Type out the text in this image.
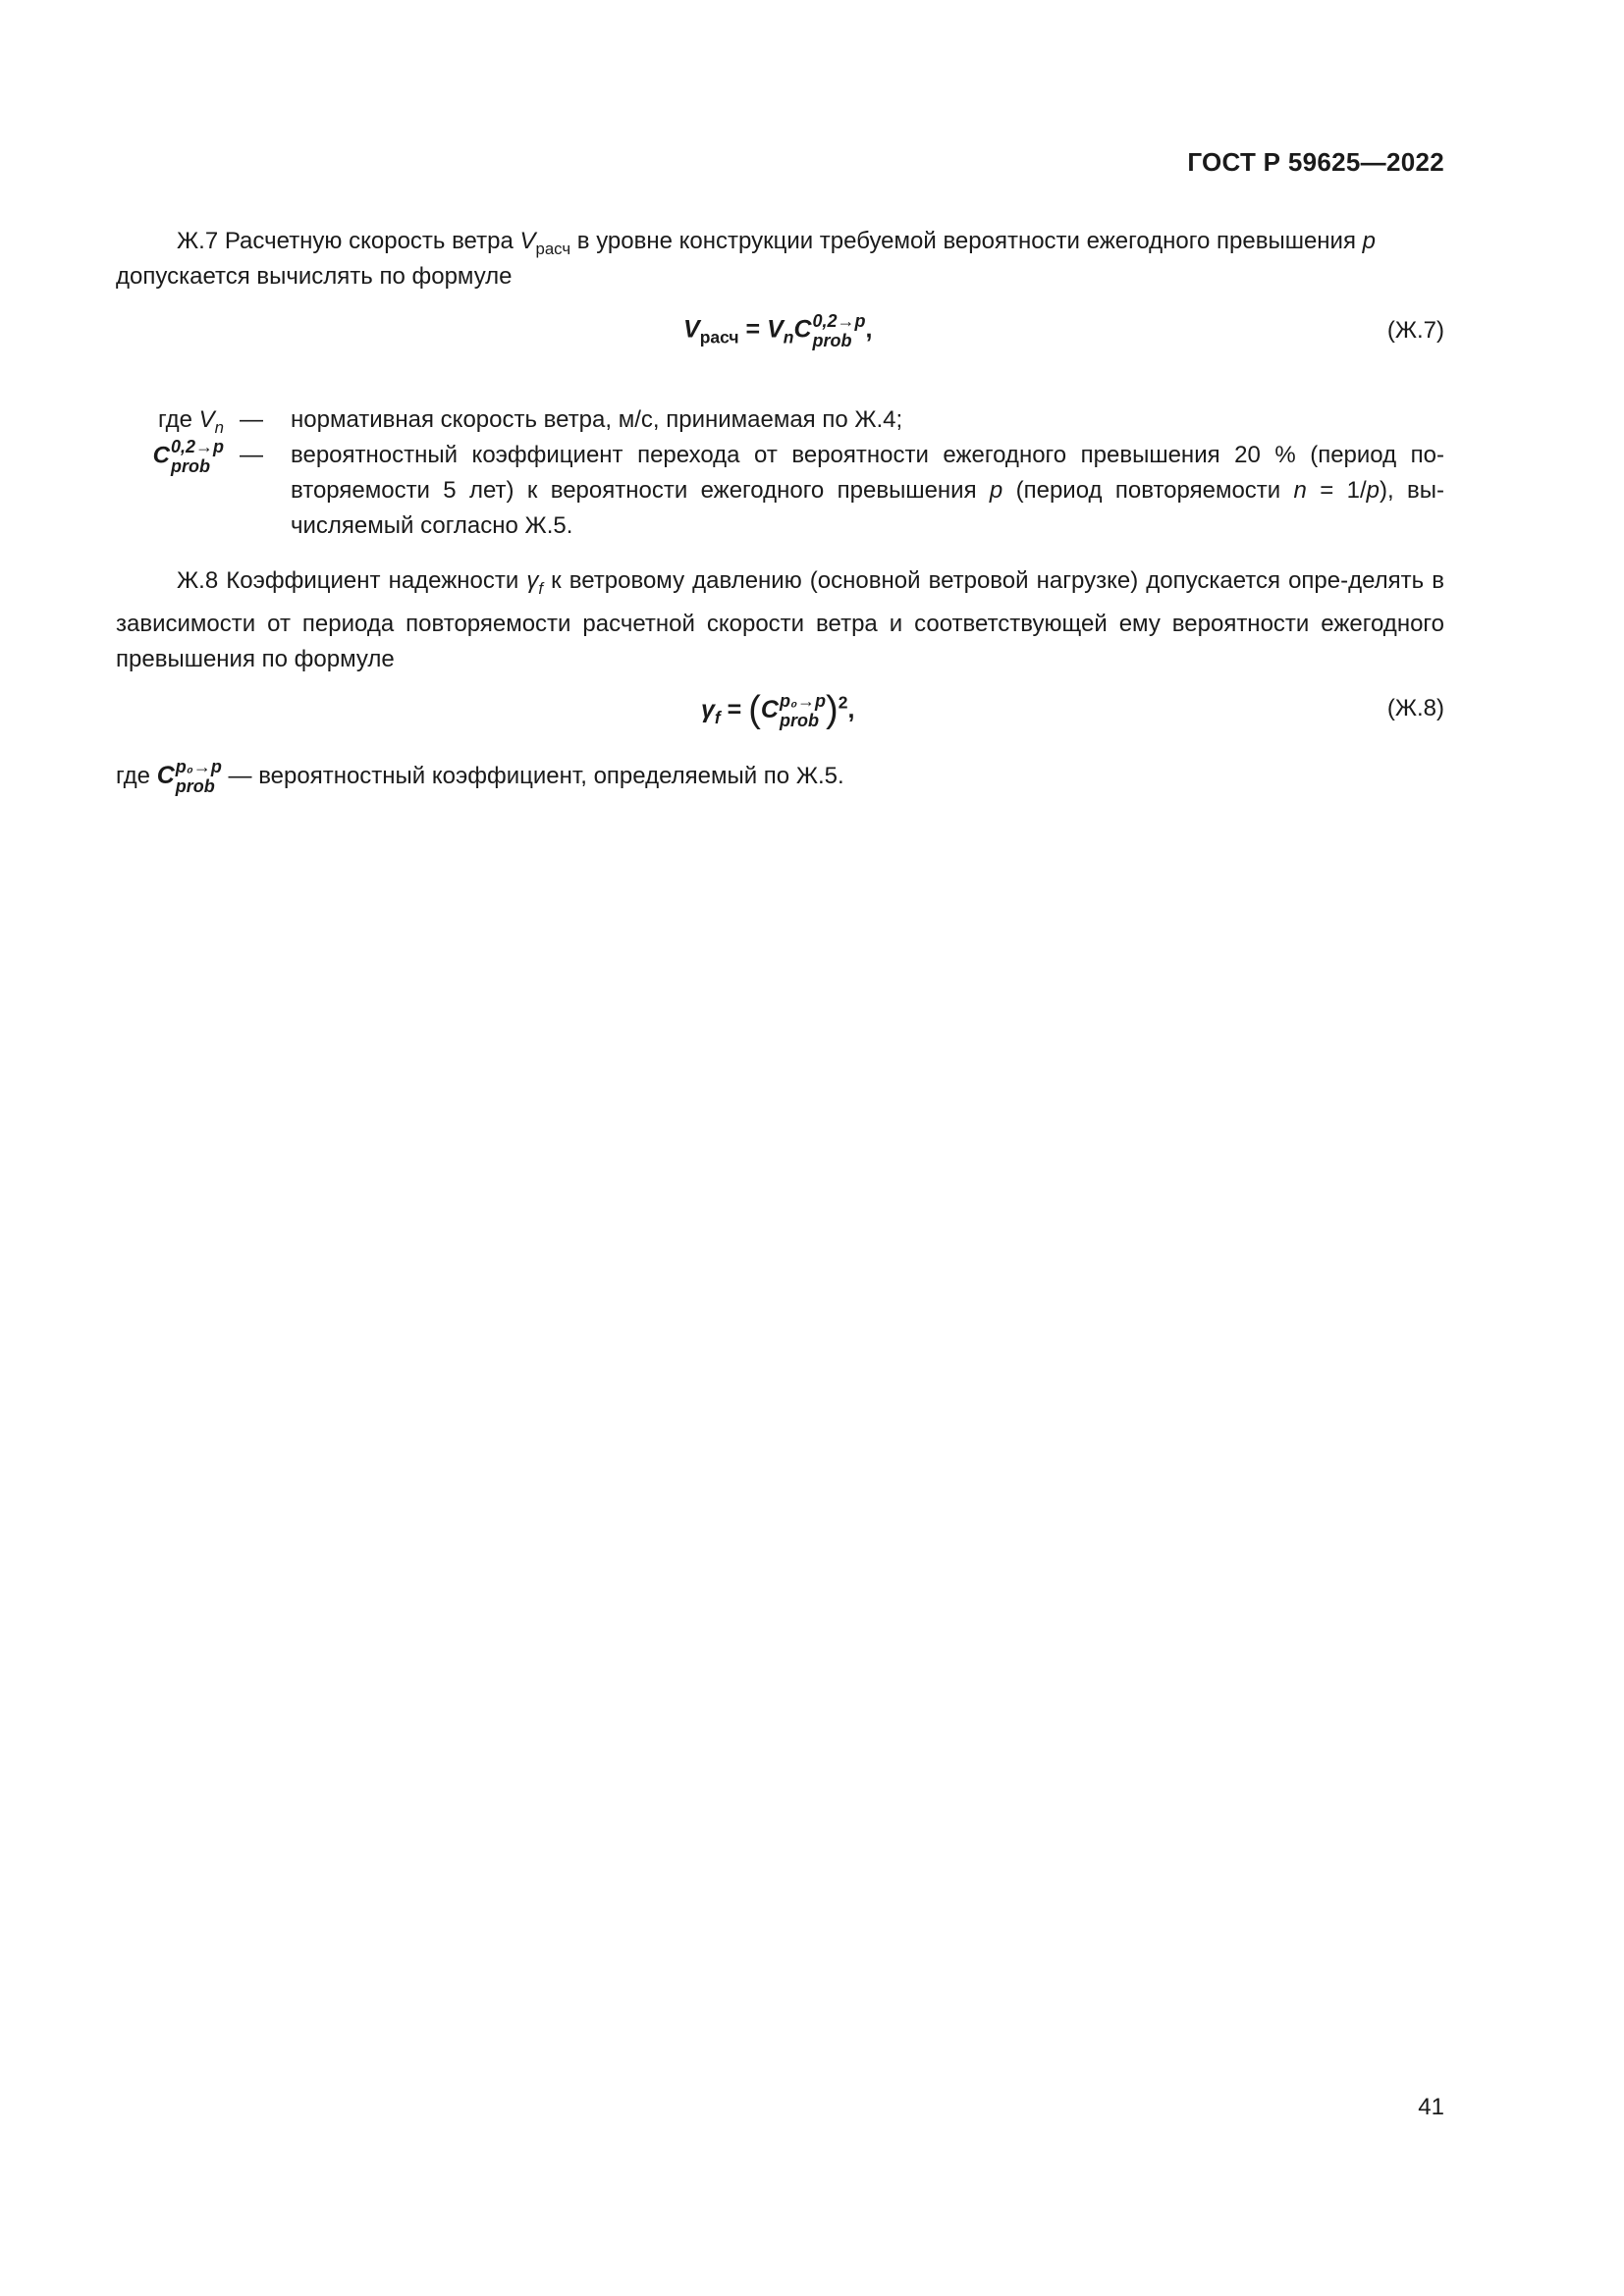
ГОСТ Р 59625—2022
Ж.7 Расчетную скорость ветра $V_{расч}$ в уровне конструкции требуемой вероятности ежегодного превышения p
допускается вычислять по формуле
$V_{расч} = V_nC$ 0,2→p
prob ,	(Ж.7)
где $V_n$ —	нормативная скорость ветра, м/с, принимаемая по Ж.4;
C 0,2→p
prob	—	вероятностный коэффициент перехода от вероятности ежегодного превышения 20 % (период по-вторяемости 5 лет) к вероятности ежегодного превышения p (период повторяемости n = 1/p), вы-числяемый согласно Ж.5.
Ж.8 Коэффициент надежности $\gamma_f$ к ветровому давлению (основной ветровой нагрузке) допускается опре-делять в зависимости от периода повторяемости расчетной скорости ветра и соответствующей ему вероятности ежегодного превышения по формуле
$\gamma_f = (C$ p₀→p
prob )$^2$,	(Ж.8)
где C p₀→p
prob — вероятностный коэффициент, определяемый по Ж.5.
41
